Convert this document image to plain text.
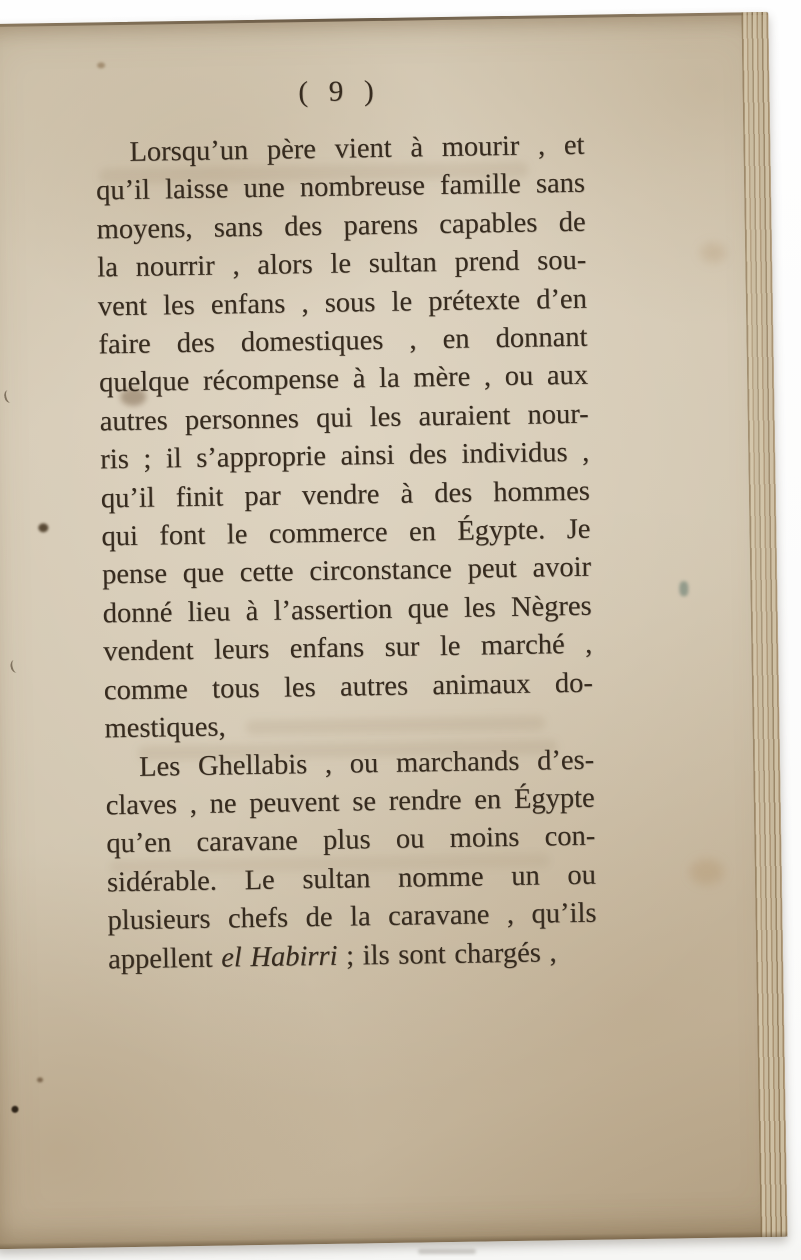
( 9 )
Lorsqu’un père vient à mourir , et
qu’il laisse une nombreuse famille sans
moyens, sans des parens capables de
la nourrir , alors le sultan prend sou-
vent les enfans , sous le prétexte d’en
faire des domestiques , en donnant
quelque récompense à la mère , ou aux
autres personnes qui les auraient nour-
ris ; il s’approprie ainsi des individus ,
qu’il finit par vendre à des hommes
qui font le commerce en Égypte. Je
pense que cette circonstance peut avoir
donné lieu à l’assertion que les Nègres
vendent leurs enfans sur le marché ,
comme tous les autres animaux do-
mestiques,
Les Ghellabis , ou marchands d’es-
claves , ne peuvent se rendre en Égypte
qu’en caravane plus ou moins con-
sidérable. Le sultan nomme un ou
plusieurs chefs de la caravane , qu’ils
appellent el Habirri ; ils sont chargés ,
